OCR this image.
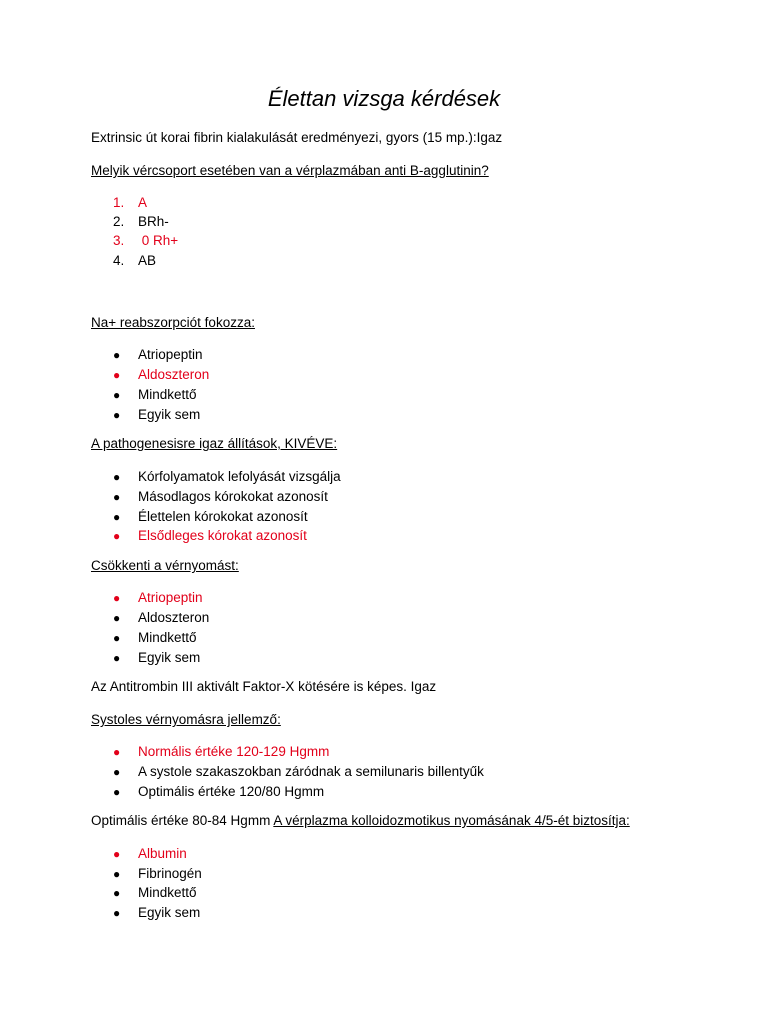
Élettan vizsga kérdések
Extrinsic út korai fibrin kialakulását eredményezi, gyors (15 mp.):Igaz
Melyik vércsoport esetében van a vérplazmában anti B-agglutinin?
1. A
2. BRh-
3. 0 Rh+
4. AB
Na+ reabszorpciót fokozza:
● Atriopeptin
● Aldoszteron
● Mindkettő
● Egyik sem
A pathogenesisre igaz állítások, KIVÉVE:
● Kórfolyamatok lefolyását vizsgálja
● Másodlagos kórokokat azonosít
● Élettelen kórokokat azonosít
● Elsődleges kórokat azonosít
Csökkenti a vérnyomást:
● Atriopeptin
● Aldoszteron
● Mindkettő
● Egyik sem
Az Antitrombin III aktivált Faktor-X kötésére is képes. Igaz
Systoles vérnyomásra jellemző:
● Normális értéke 120-129 Hgmm
● A systole szakaszokban záródnak a semilunaris billentyűk
● Optimális értéke 120/80 Hgmm
Optimális értéke 80-84 Hgmm A vérplazma kolloidozmotikus nyomásának 4/5-ét biztosítja:
● Albumin
● Fibrinogén
● Mindkettő
● Egyik sem
